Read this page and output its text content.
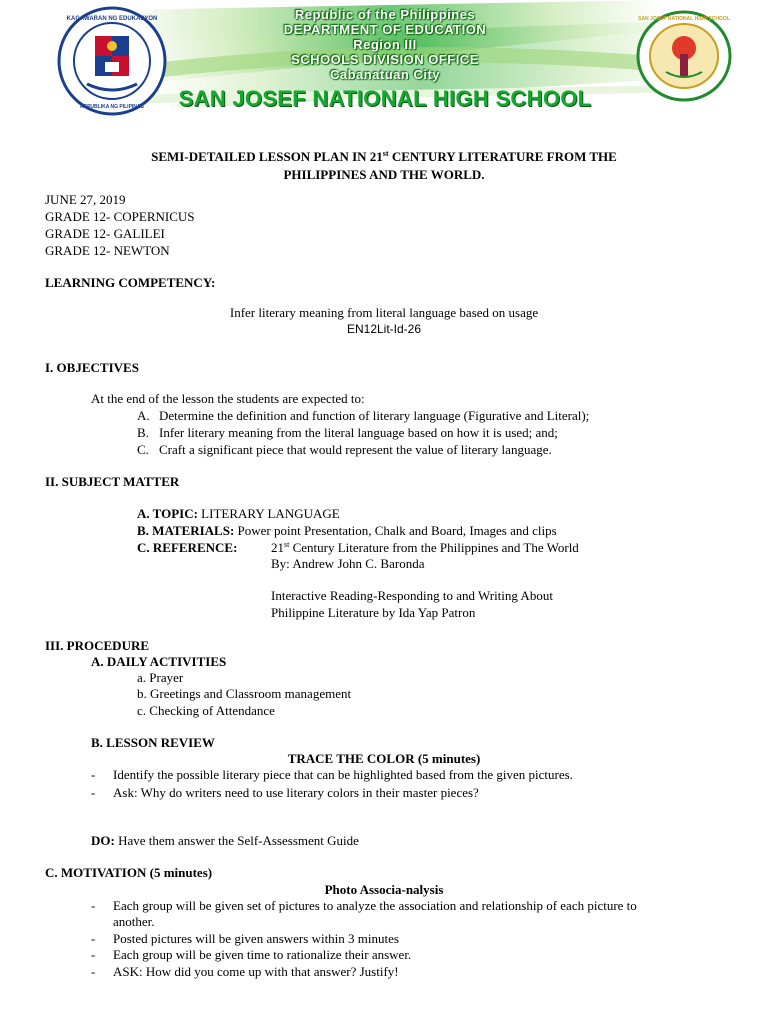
KAGAWARAN NG EDUKASYON
REPUBLIKA NG PILIPINAS
Republic of the Philippines
DEPARTMENT OF EDUCATION
Region III
SCHOOLS DIVISION OFFICE
Cabanatuan City
SAN JOSEF NATIONAL HIGH SCHOOL
SAN JOSEF NATIONAL HIGH SCHOOL
SEMI-DETAILED LESSON PLAN IN 21st CENTURY LITERATURE FROM THE
PHILIPPINES AND THE WORLD.
JUNE 27, 2019
GRADE 12- COPERNICUS
GRADE 12- GALILEI
GRADE 12- NEWTON
LEARNING COMPETENCY:
Infer literary meaning from literal language based on usage
EN12Lit-Id-26
I. OBJECTIVES
At the end of the lesson the students are expected to:
A. Determine the definition and function of literary language (Figurative and Literal);
B. Infer literary meaning from the literal language based on how it is used; and;
C. Craft a significant piece that would represent the value of literary language.
II. SUBJECT MATTER
A. TOPIC: LITERARY LANGUAGE
B. MATERIALS: Power point Presentation, Chalk and Board, Images and clips
C. REFERENCE:	21st Century Literature from the Philippines and The World
By: Andrew John C. Baronda
Interactive Reading-Responding to and Writing About
Philippine Literature by Ida Yap Patron
III. PROCEDURE
A. DAILY ACTIVITIES
a. Prayer
b. Greetings and Classroom management
c. Checking of Attendance
B. LESSON REVIEW
TRACE THE COLOR (5 minutes)
- Identify the possible literary piece that can be highlighted based from the given pictures.
- Ask: Why do writers need to use literary colors in their master pieces?
DO: Have them answer the Self-Assessment Guide
C. MOTIVATION (5 minutes)
Photo Associa-nalysis
- Each group will be given set of pictures to analyze the association and relationship of each picture to
another.
- Posted pictures will be given answers within 3 minutes
- Each group will be given time to rationalize their answer.
- ASK: How did you come up with that answer? Justify!
